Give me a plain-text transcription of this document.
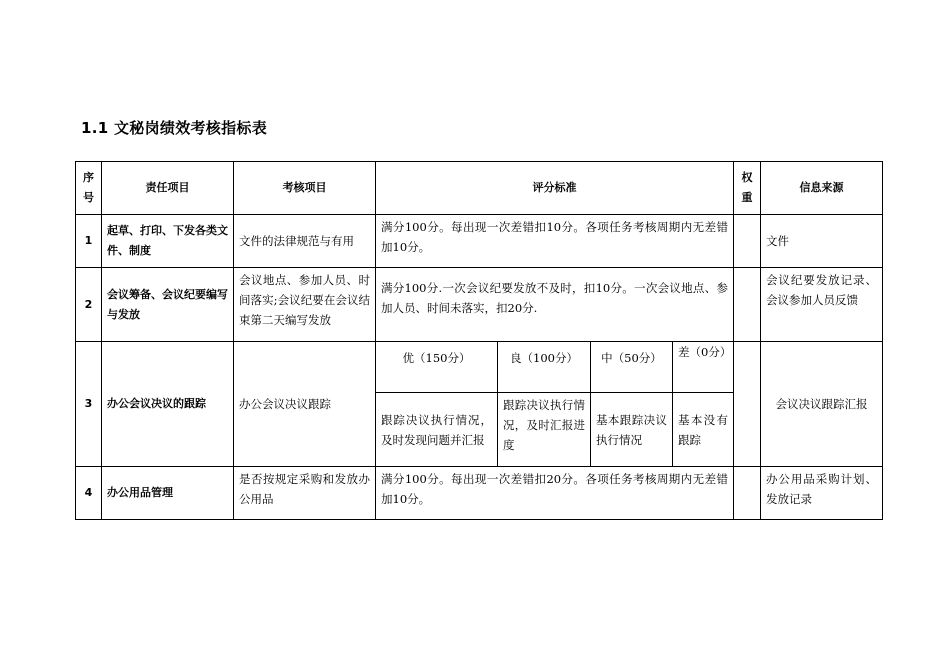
1.1 文秘岗绩效考核指标表
序号	责任项目	考核项目	评分标准				权重	信息来源
1	起草、打印、下发各类文件、制度	文件的法律规范与有用	满分100分。每出现一次差错扣10分。各项任务考核周期内无差错加10分。					文件
2	会议筹备、会议纪要编写与发放	会议地点、参加人员、时间落实;会议纪要在会议结束第二天编写发放	满分100分.一次会议纪要发放不及时，扣10分。一次会议地点、参加人员、时间未落实，扣20分.					会议纪要发放记录、会议参加人员反馈
3	办公会议决议的跟踪	办公会议决议跟踪	优（150分）	良（100分）	中（50分）	差（0分）		会议决议跟踪汇报
			跟踪决议执行情况，及时发现问题并汇报	跟踪决议执行情况，及时汇报进度	基本跟踪决议执行情况	基本没有跟踪		
4	办公用品管理	是否按规定采购和发放办公用品	满分100分。每出现一次差错扣20分。各项任务考核周期内无差错加10分。					办公用品采购计划、发放记录
